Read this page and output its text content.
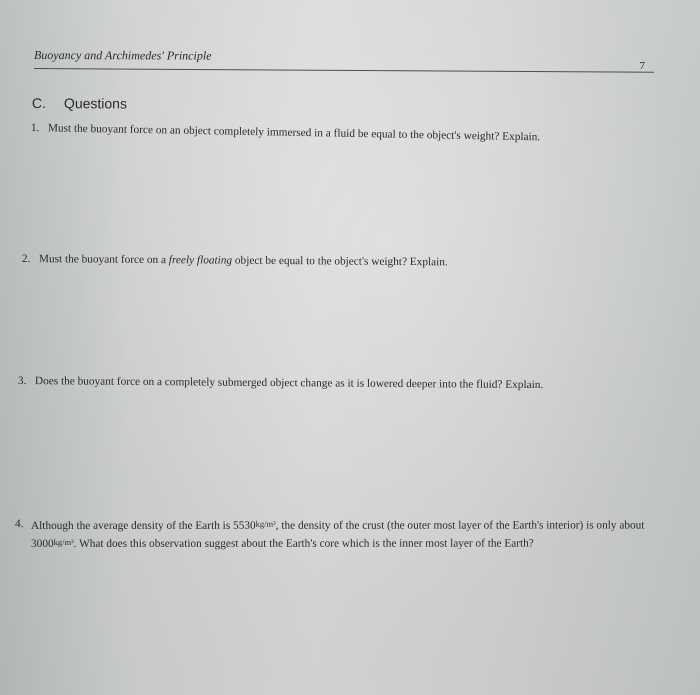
Buoyancy and Archimedes' Principle
7
C. Questions
1. Must the buoyant force on an object completely immersed in a fluid be equal to the object's weight? Explain.
2. Must the buoyant force on a freely floating object be equal to the object's weight? Explain.
3. Does the buoyant force on a completely submerged object change as it is lowered deeper into the fluid? Explain.
4. Although the average density of the Earth is 5530kg/m³, the density of the crust (the outer most layer of the Earth's interior) is only about 3000kg/m³. What does this observation suggest about the Earth's core which is the inner most layer of the Earth?
